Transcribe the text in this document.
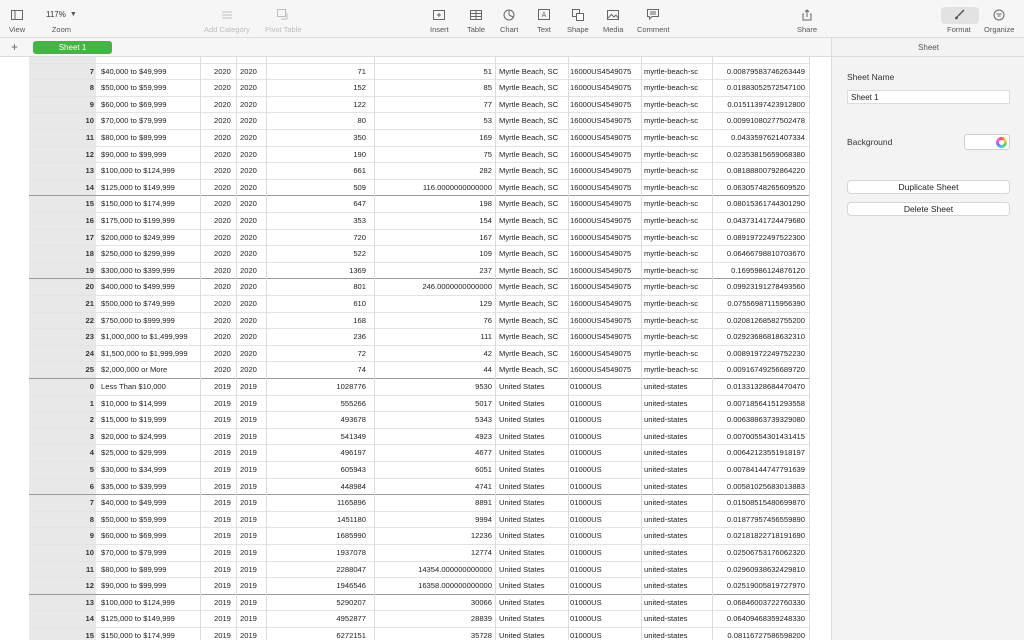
View
117% ▼
Zoom	Add Category Pivot Table	Insert Table Chart
A
Text Shape Media Comment	Share	Format Organize
+	Sheet 1
7 $40,000 to $49,999	2020	2020	71	51 Myrtle Beach, SC	16000US4549075	myrtle-beach-sc	0.00879583746263449
8 $50,000 to $59,999	2020	2020	152	85 Myrtle Beach, SC	16000US4549075	myrtle-beach-sc	0.01883052572547100
9 $60,000 to $69,999	2020	2020	122	77 Myrtle Beach, SC	16000US4549075	myrtle-beach-sc	0.01511397423912800
10 $70,000 to $79,999	2020	2020	80	53 Myrtle Beach, SC	16000US4549075	myrtle-beach-sc	0.00991080277502478
11 $80,000 to $89,999	2020	2020	350	169 Myrtle Beach, SC	16000US4549075	myrtle-beach-sc	0.0433597621407334
12 $90,000 to $99,999	2020	2020	190	75 Myrtle Beach, SC	16000US4549075	myrtle-beach-sc	0.02353815659068380
13 $100,000 to $124,999	2020	2020	661	282 Myrtle Beach, SC	16000US4549075	myrtle-beach-sc	0.08188800792864220
14 $125,000 to $149,999	2020	2020	509	116.0000000000000 Myrtle Beach, SC	16000US4549075	myrtle-beach-sc	0.06305748265609520
15 $150,000 to $174,999	2020	2020	647	198 Myrtle Beach, SC	16000US4549075	myrtle-beach-sc	0.08015361744301290
16 $175,000 to $199,999	2020	2020	353	154 Myrtle Beach, SC	16000US4549075	myrtle-beach-sc	0.04373141724479680
17 $200,000 to $249,999	2020	2020	720	167 Myrtle Beach, SC	16000US4549075	myrtle-beach-sc	0.08919722497522300
18 $250,000 to $299,999	2020	2020	522	109 Myrtle Beach, SC	16000US4549075	myrtle-beach-sc	0.06466798810703670
19 $300,000 to $399,999	2020	2020	1369	237 Myrtle Beach, SC	16000US4549075	myrtle-beach-sc	0.1695986124876120
20 $400,000 to $499,999	2020	2020	801	246.0000000000000 Myrtle Beach, SC	16000US4549075	myrtle-beach-sc	0.09923191278493560
21 $500,000 to $749,999	2020	2020	610	129 Myrtle Beach, SC	16000US4549075	myrtle-beach-sc	0.07556987115956390
22 $750,000 to $999,999	2020	2020	168	76 Myrtle Beach, SC	16000US4549075	myrtle-beach-sc	0.02081268582755200
23 $1,000,000 to $1,499,999	2020	2020	236	111 Myrtle Beach, SC	16000US4549075	myrtle-beach-sc	0.02923686818632310
24 $1,500,000 to $1,999,999	2020	2020	72	42 Myrtle Beach, SC	16000US4549075	myrtle-beach-sc	0.00891972249752230
25 $2,000,000 or More	2020	2020	74	44 Myrtle Beach, SC	16000US4549075	myrtle-beach-sc	0.00916749256689720
0 Less Than $10,000	2019	2019	1028776	9530 United States	01000US	united-states	0.01331328684470470
1 $10,000 to $14,999	2019	2019	555266	5017 United States	01000US	united-states	0.00718564151293558
2 $15,000 to $19,999	2019	2019	493678	5343 United States	01000US	united-states	0.00638863739329080
3 $20,000 to $24,999	2019	2019	541349	4923 United States	01000US	united-states	0.00700554301431415
4 $25,000 to $29,999	2019	2019	496197	4677 United States	01000US	united-states	0.00642123551918197
5 $30,000 to $34,999	2019	2019	605943	6051 United States	01000US	united-states	0.00784144747791639
6 $35,000 to $39,999	2019	2019	448984	4741 United States	01000US	united-states	0.00581025683013883
7 $40,000 to $49,999	2019	2019	1165896	8891 United States	01000US	united-states	0.01508515480699870
8 $50,000 to $59,999	2019	2019	1451180	9994 United States	01000US	united-states	0.01877957456559890
9 $60,000 to $69,999	2019	2019	1685990	12236 United States	01000US	united-states	0.02181822718191690
10 $70,000 to $79,999	2019	2019	1937078	12774 United States	01000US	united-states	0.02506753176062320
11 $80,000 to $89,999	2019	2019	2288047	14354.000000000000 United States	01000US	united-states	0.02960938632429810
12 $90,000 to $99,999	2019	2019	1946546	16358.000000000000 United States	01000US	united-states	0.02519005819727970
13 $100,000 to $124,999	2019	2019	5290207	30066 United States	01000US	united-states	0.06846003722760330
14 $125,000 to $149,999	2019	2019	4952877	28839 United States	01000US	united-states	0.06409468359248330
15 $150,000 to $174,999	2019	2019	6272151	35728 United States	01000US	united-states	0.08116727586598200
Sheet
Sheet Name
Sheet 1
Background
Duplicate Sheet
Delete Sheet
